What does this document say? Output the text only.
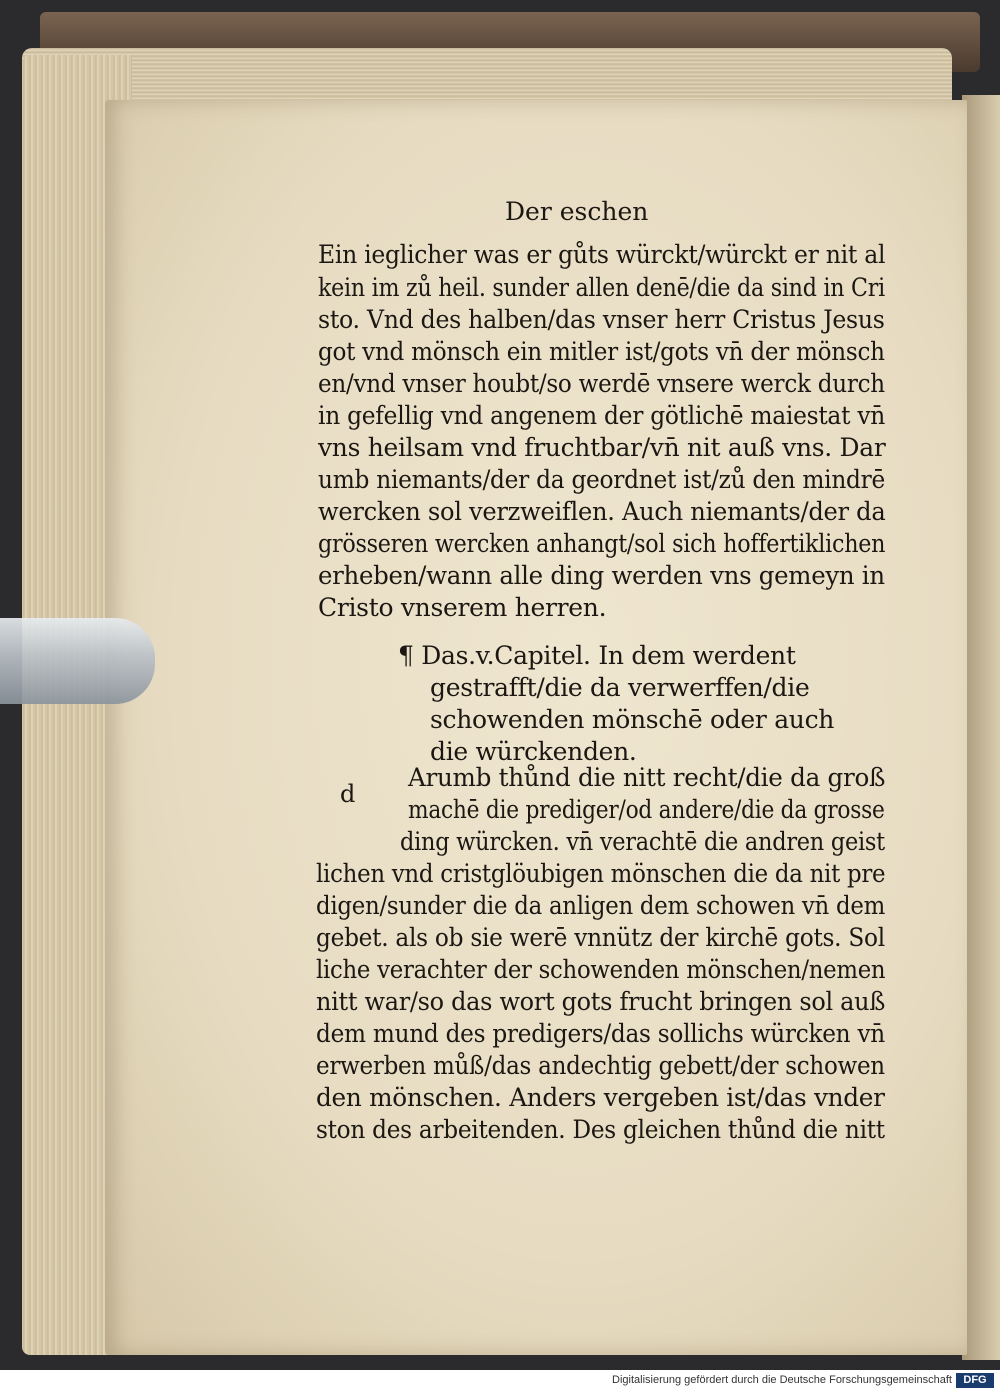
Der eschen
Ein ieglicher was er gůts würckt/würckt er nit al
kein im zů heil. sunder allen denē/die da sind in Cri
sto. Vnd des halben/das vnser herr Cristus Jesus
got vnd mönsch ein mitler ist/gots vn̄ der mönsch
en/vnd vnser houbt/so werdē vnsere werck durch
in gefellig vnd angenem der götlichē maiestat vn̄
vns heilsam vnd fruchtbar/vn̄ nit auß vns. Dar
umb niemants/der da geordnet ist/zů den mindrē
wercken sol verzweiflen. Auch niemants/der da
grösseren wercken anhangt/sol sich hoffertiklichen
erheben/wann alle ding werden vns gemeyn in
Cristo vnserem herren.
¶ Das.v.Capitel. In dem werdent
gestrafft/die da verwerffen/die
schowenden mönschē oder auch
die würckenden.
d
Arumb thůnd die nitt recht/die da groß
machē die prediger/od andere/die da grosse
ding würcken. vn̄ verachtē die andren geist
lichen vnd cristglöubigen mönschen die da nit pre
digen/sunder die da anligen dem schowen vn̄ dem
gebet. als ob sie werē vnnütz der kirchē gots. Sol
liche verachter der schowenden mönschen/nemen
nitt war/so das wort gots frucht bringen sol auß
dem mund des predigers/das sollichs würcken vn̄
erwerben můß/das andechtig gebett/der schowen
den mönschen. Anders vergeben ist/das vnder
ston des arbeitenden. Des gleichen thůnd die nitt
Digitalisierung gefördert durch die Deutsche Forschungsgemeinschaft	DFG
